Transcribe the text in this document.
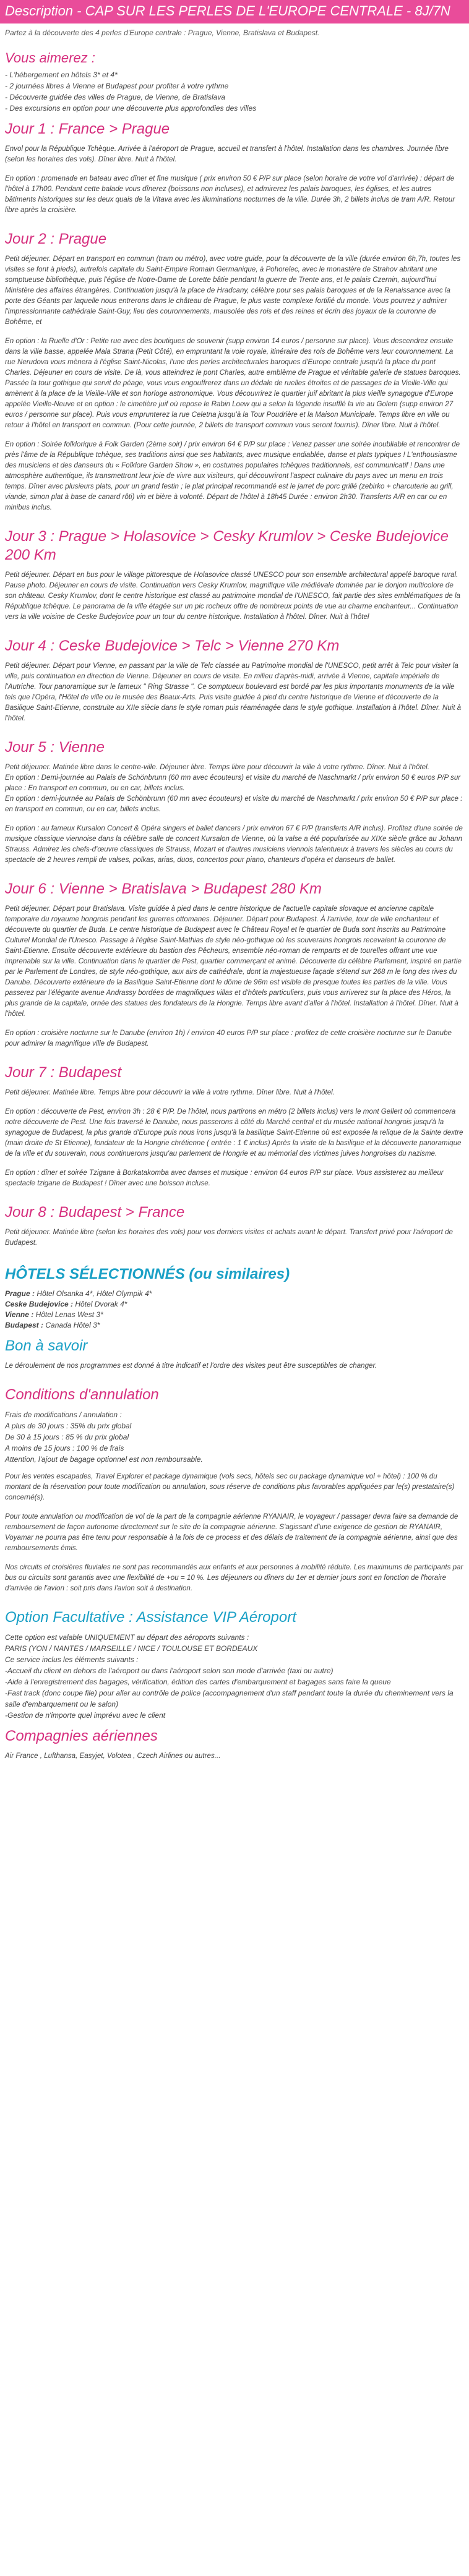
Description - CAP SUR LES PERLES DE L'EUROPE CENTRALE - 8J/7N
Partez à la découverte des 4 perles d'Europe centrale : Prague, Vienne, Bratislava et Budapest.
Vous aimerez :
- L'hébergement en hôtels 3* et 4*
- 2 journées libres à Vienne et Budapest pour profiter à votre rythme
- Découverte guidée des villes de Prague, de Vienne, de Bratislava
- Des excursions en option pour une découverte plus approfondies des villes
Jour 1 : France > Prague

Envol pour la République Tchèque. Arrivée à l'aéroport de Prague, accueil et transfert à l'hôtel. Installation dans les chambres. Journée libre (selon les horaires des vols). Dîner libre. Nuit à l'hôtel.

En option : promenade en bateau avec dîner et fine musique ( prix environ 50 € P/P sur place (selon horaire de votre vol d'arrivée) : départ de l'hôtel à 17h00. Pendant cette balade vous dînerez (boissons non incluses), et admirerez les palais baroques, les églises, et les autres bâtiments historiques sur les deux quais de la Vltava avec les illuminations nocturnes de la ville. Durée 3h, 2 billets inclus de tram A/R. Retour libre après la croisière.

Jour 2 : Prague

Petit déjeuner. Départ en transport en commun (tram ou métro), avec votre guide, pour la découverte de la ville (durée environ 6h,7h, toutes les visites se font à pieds), autrefois capitale du Saint-Empire Romain Germanique, à Pohorelec, avec le monastère de Strahov abritant une somptueuse bibliothèque, puis l'église de Notre-Dame de Lorette bâtie pendant la guerre de Trente ans, et le palais Czernin, aujourd'hui Ministère des affaires étrangères. Continuation jusqu'à la place de Hradcany, célèbre pour ses palais baroques et de la Renaissance avec la porte des Géants par laquelle nous entrerons dans le château de Prague, le plus vaste complexe fortifié du monde. Vous pourrez y admirer l'impressionnante cathédrale Saint-Guy, lieu des couronnements, mausolée des rois et des reines et écrin des joyaux de la couronne de Bohême, et

En option : la Ruelle d'Or : Petite rue avec des boutiques de souvenir (supp environ 14 euros / personne sur place). Vous descendrez ensuite dans la ville basse, appelée Mala Strana (Petit Côté), en empruntant la voie royale, itinéraire des rois de Bohême vers leur couronnement. La rue Nerudova vous mènera à l'église Saint-Nicolas, l'une des perles architecturales baroques d'Europe centrale jusqu'à la place du pont Charles. Déjeuner en cours de visite. De là, vous atteindrez le pont Charles, autre emblème de Prague et véritable galerie de statues baroques. Passée la tour gothique qui servit de péage, vous vous engouffrerez dans un dédale de ruelles étroites et de passages de la Vieille-Ville qui amènent à la place de la Vieille-Ville et son horloge astronomique. Vous découvrirez le quartier juif abritant la plus vieille synagogue d'Europe appelée Vieille-Neuve et en option : le cimetière juif où repose le Rabin Loew qui a selon la légende insufflé la vie au Golem (supp environ 27 euros / personne sur place). Puis vous emprunterez la rue Celetna jusqu'à la Tour Poudrière et la Maison Municipale. Temps libre en ville ou retour à l'hôtel en transport en commun. (Pour cette journée, 2 billets de transport commun vous seront fournis). Dîner libre. Nuit à l'hôtel.

En option : Soirée folklorique à Folk Garden (2ème soir) / prix environ 64 € P/P sur place : Venez passer une soirée inoubliable et rencontrer de près l'âme de la République tchèque, ses traditions ainsi que ses habitants, avec musique endiablée, danse et plats typiques ! L'enthousiasme des musiciens et des danseurs du « Folklore Garden Show », en costumes populaires tchèques traditionnels, est communicatif ! Dans une atmosphère authentique, ils transmettront leur joie de vivre aux visiteurs, qui découvriront l'aspect culinaire du pays avec un menu en trois temps. Dîner avec plusieurs plats, pour un grand festin ; le plat principal recommandé est le jarret de porc grillé (zebirko + charcuterie au grill, viande, simon plat à base de canard rôti) vin et bière à volonté. Départ de l'hôtel à 18h45 Durée : environ 2h30. Transferts A/R en car ou en minibus inclus.

Jour 3 : Prague > Holasovice > Cesky Krumlov > Ceske Budejovice 200 Km

Petit déjeuner. Départ en bus pour le village pittoresque de Holasovice classé UNESCO pour son ensemble architectural appelé baroque rural. Pause photo. Déjeuner en cours de visite. Continuation vers Cesky Krumlov, magnifique ville médiévale dominée par le donjon multicolore de son château. Cesky Krumlov, dont le centre historique est classé au patrimoine mondial de l'UNESCO, fait partie des sites emblématiques de la République tchèque. Le panorama de la ville étagée sur un pic rocheux offre de nombreux points de vue au charme enchanteur... Continuation vers la ville voisine de Ceske Budejovice pour un tour du centre historique. Installation à l'hôtel. Dîner. Nuit à l'hôtel

Jour 4 : Ceske Budejovice > Telc > Vienne 270 Km

Petit déjeuner. Départ pour Vienne, en passant par la ville de Telc classée au Patrimoine mondial de l'UNESCO, petit arrêt à Telc pour visiter la ville, puis continuation en direction de Vienne. Déjeuner en cours de visite. En milieu d'après-midi, arrivée à Vienne, capitale impériale de l'Autriche. Tour panoramique sur le fameux " Ring Strasse ". Ce somptueux boulevard est bordé par les plus importants monuments de la ville tels que l'Opéra, l'Hôtel de ville ou le musée des Beaux-Arts. Puis visite guidée à pied du centre historique de Vienne et découverte de la Basilique Saint-Etienne, construite au XIIe siècle dans le style roman puis réaménagée dans le style gothique. Installation à l'hôtel. Dîner. Nuit à l'hôtel.

Jour 5 : Vienne

Petit déjeuner. Matinée libre dans le centre-ville. Déjeuner libre. Temps libre pour découvrir la ville à votre rythme. Dîner. Nuit à l'hôtel.
En option : Demi-journée au Palais de Schönbrunn (60 mn avec écouteurs) et visite du marché de Naschmarkt / prix environ 50 € euros P/P sur place : En transport en commun, ou en car, billets inclus.
En option : demi-journée au Palais de Schönbrunn (60 mn avec écouteurs) et visite du marché de Naschmarkt / prix environ 50 € P/P sur place : en transport en commun, ou en car, billets inclus.

En option : au fameux Kursalon Concert & Opéra singers et ballet dancers / prix environ 67 € P/P (transferts A/R inclus). Profitez d'une soirée de musique classique viennoise dans la célèbre salle de concert Kursalon de Vienne, où la valse a été popularisée au XIXe siècle grâce au Johann Strauss. Admirez les chefs-d'œuvre classiques de Strauss, Mozart et d'autres musiciens viennois talentueux à travers les siècles au cours du spectacle de 2 heures rempli de valses, polkas, arias, duos, concertos pour piano, chanteurs d'opéra et danseurs de ballet.

Jour 6 : Vienne > Bratislava > Budapest 280 Km

Petit déjeuner. Départ pour Bratislava. Visite guidée à pied dans le centre historique de l'actuelle capitale slovaque et ancienne capitale temporaire du royaume hongrois pendant les guerres ottomanes. Déjeuner. Départ pour Budapest. À l'arrivée, tour de ville enchanteur et découverte du quartier de Buda. Le centre historique de Budapest avec le Château Royal et le quartier de Buda sont inscrits au Patrimoine Culturel Mondial de l'Unesco. Passage à l'église Saint-Mathias de style néo-gothique où les souverains hongrois recevaient la couronne de Saint-Etienne. Ensuite découverte extérieure du bastion des Pêcheurs, ensemble néo-roman de remparts et de tourelles offrant une vue imprenable sur la ville. Continuation dans le quartier de Pest, quartier commerçant et animé. Découverte du célèbre Parlement, inspiré en partie par le Parlement de Londres, de style néo-gothique, aux airs de cathédrale, dont la majestueuse façade s'étend sur 268 m le long des rives du Danube. Découverte extérieure de la Basilique Saint-Etienne dont le dôme de 96m est visible de presque toutes les parties de la ville. Vous passerez par l'élégante avenue Andrassy bordées de magnifiques villas et d'hôtels particuliers, puis vous arriverez sur la place des Héros, la plus grande de la capitale, ornée des statues des fondateurs de la Hongrie. Temps libre avant d'aller à l'hôtel. Installation à l'hôtel. Dîner. Nuit à l'hôtel.

En option : croisière nocturne sur le Danube (environ 1h) / environ 40 euros P/P sur place : profitez de cette croisière nocturne sur le Danube pour admirer la magnifique ville de Budapest.

Jour 7 : Budapest

Petit déjeuner. Matinée libre. Temps libre pour découvrir la ville à votre rythme. Dîner libre. Nuit à l'hôtel.

En option : découverte de Pest, environ 3h : 28 € P/P. De l'hôtel, nous partirons en métro (2 billets inclus) vers le mont Gellert où commencera notre découverte de Pest. Une fois traversé le Danube, nous passerons à côté du Marché central et du musée national hongrois jusqu'à la synagogue de Budapest, la plus grande d'Europe puis nous irons jusqu'à la basilique Saint-Etienne où est exposée la relique de la Sainte dextre (main droite de St Etienne), fondateur de la Hongrie chrétienne ( entrée : 1 € inclus) Après la visite de la basilique et la découverte panoramique de la ville et du souverain, nous continuerons jusqu'au parlement de Hongrie et au mémorial des victimes juives hongroises du nazisme.

En option : dîner et soirée Tzigane à Borkatakomba avec danses et musique : environ 64 euros P/P sur place. Vous assisterez au meilleur spectacle tzigane de Budapest ! Dîner avec une boisson incluse.

Jour 8 : Budapest > France

Petit déjeuner. Matinée libre (selon les horaires des vols) pour vos derniers visites et achats avant le départ. Transfert privé pour l'aéroport de Budapest.

HÔTELS SÉLECTIONNÉS (ou similaires)
Prague : Hôtel Olsanka 4*, Hôtel Olympik 4*
Ceske Budejovice : Hôtel Dvorak 4*
Vienne : Hôtel Lenas West 3*
Budapest : Canada Hôtel 3*
Bon à savoir

Le déroulement de nos programmes est donné à titre indicatif et l'ordre des visites peut être susceptibles de changer.

Conditions d'annulation
Frais de modifications / annulation :
A plus de 30 jours : 35% du prix global
De 30 à 15 jours : 85 % du prix global
A moins de 15 jours : 100 % de frais
Attention, l'ajout de bagage optionnel est non remboursable.

Pour les ventes escapades, Travel Explorer et package dynamique (vols secs, hôtels sec ou package dynamique vol + hôtel) : 100 % du montant de la réservation pour toute modification ou annulation, sous réserve de conditions plus favorables appliquées par le(s) prestataire(s) concerné(s).

Pour toute annulation ou modification de vol de la part de la compagnie aérienne RYANAIR, le voyageur / passager devra faire sa demande de remboursement de façon autonome directement sur le site de la compagnie aérienne. S'agissant d'une exigence de gestion de RYANAIR, Voyamar ne pourra pas être tenu pour responsable à la fois de ce process et des délais de traitement de la compagnie aérienne, ainsi que des remboursements émis.

Nos circuits et croisières fluviales ne sont pas recommandés aux enfants et aux personnes à mobilité réduite. Les maximums de participants par bus ou circuits sont garantis avec une flexibilité de +ou = 10 %. Les déjeuners ou dîners du 1er et dernier jours sont en fonction de l'horaire d'arrivée de l'avion : soit pris dans l'avion soit à destination.

Option Facultative : Assistance VIP Aéroport
Cette option est valable UNIQUEMENT au départ des aéroports suivants :
PARIS (YON / NANTES / MARSEILLE / NICE / TOULOUSE ET BORDEAUX
Ce service inclus les éléments suivants :
-Accueil du client en dehors de l'aéroport ou dans l'aéroport selon son mode d'arrivée (taxi ou autre)
-Aide à l'enregistrement des bagages, vérification, édition des cartes d'embarquement et bagages sans faire la queue
-Fast track (donc coupe file) pour aller au contrôle de police (accompagnement d'un staff pendant toute la durée du cheminement vers la salle d'embarquement ou le salon)
-Gestion de n'importe quel imprévu avec le client
Compagnies aériennes

Air France , Lufthansa, Easyjet, Volotea , Czech Airlines ou autres...
